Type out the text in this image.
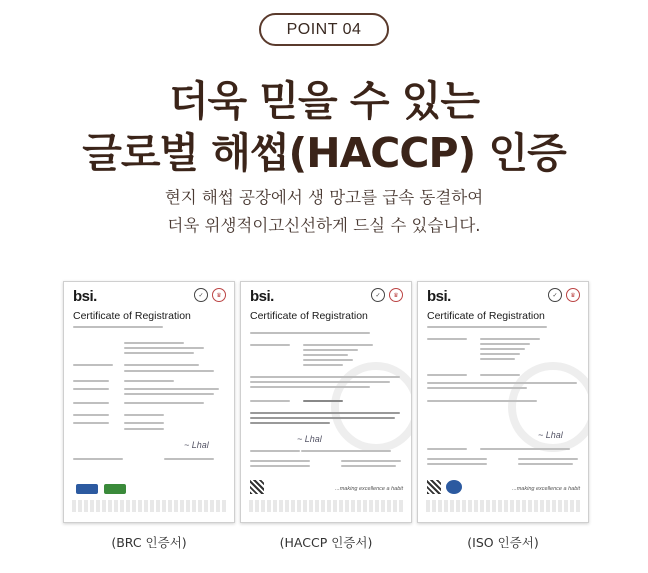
POINT 04
더욱 믿을 수 있는
글로벌 해썹(HACCP) 인증
현지 해썹 공장에서 생 망고를 급속 동결하여
더욱 위생적이고신선하게 드실 수 있습니다.
bsi.	✓	♛
Certificate of Registration
~ Lhal
bsi.	✓	♛
Certificate of Registration
~ Lhal
...making excellence a habit
bsi.	✓	♛
Certificate of Registration
~ Lhal
...making excellence a habit
(BRC 인증서)	(HACCP 인증서)	(ISO 인증서)
